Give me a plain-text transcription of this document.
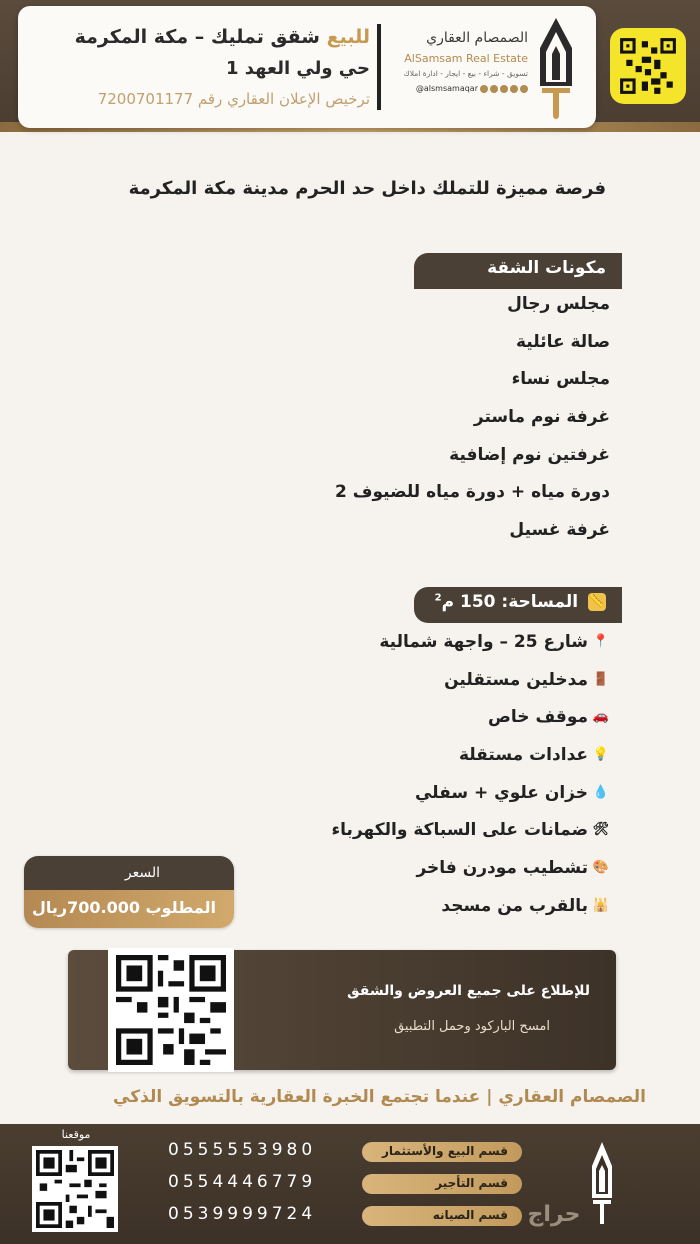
الصمصام العقاري
AlSamsam Real Estate
تسويق - شراء - بيع - ايجار - ادارة املاك
@alsmsamaqar
للبيع شقق تمليك – مكة المكرمة
حي ولي العهد 1
ترخيص الإعلان العقاري رقم 7200701177
فرصة مميزة للتملك داخل حد الحرم مدينة مكة المكرمة
مكونات الشقة
مجلس رجال
صالة عائلية
مجلس نساء
غرفة نوم ماستر
غرفتين نوم إضافية
دورة مياه + دورة مياه للضيوف 2
غرفة غسيل
المساحة: 150 م$^2$	📏
شارع 25 – واجهة شمالية 📍
مدخلين مستقلين 🚪
موقف خاص 🚗
عدادات مستقلة 💡
خزان علوي + سفلي 💧
ضمانات على السباكة والكهرباء 🛠
تشطيب مودرن فاخر 🎨
بالقرب من مسجد 🕌
السعر
المطلوب 700.000ريال
للإطلاع على جميع العروض والشقق
امسح الباركود وحمل التطبيق
الصمصام العقاري | عندما تجتمع الخبرة العقارية بالتسويق الذكي
موقعنا
قسم البيع والأستثمار
0555553980
قسم التأجير
0554446779
قسم الصيانه
0539999724	حراج
